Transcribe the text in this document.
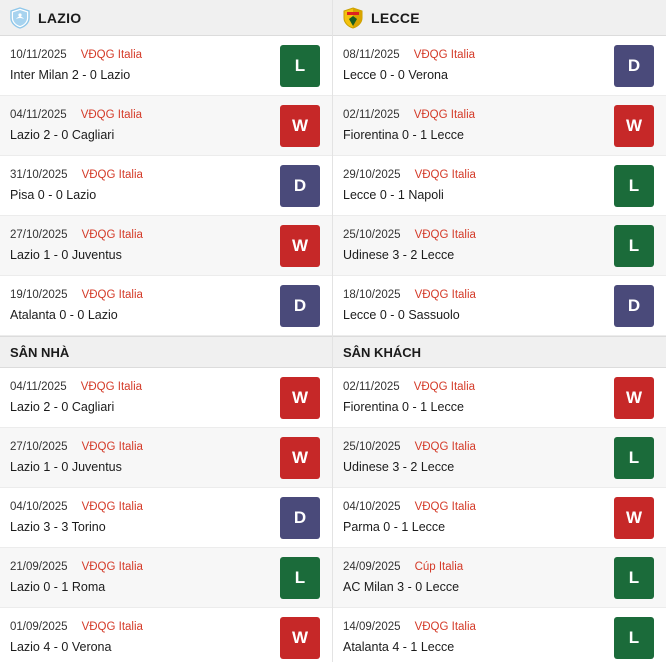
LAZIO
10/11/2025 VĐQG Italia
Inter Milan 2 - 0 Lazio
L
04/11/2025 VĐQG Italia
Lazio 2 - 0 Cagliari
W
31/10/2025 VĐQG Italia
Pisa 0 - 0 Lazio
D
27/10/2025 VĐQG Italia
Lazio 1 - 0 Juventus
W
19/10/2025 VĐQG Italia
Atalanta 0 - 0 Lazio
D
SÂN NHÀ
04/11/2025 VĐQG Italia
Lazio 2 - 0 Cagliari
W
27/10/2025 VĐQG Italia
Lazio 1 - 0 Juventus
W
04/10/2025 VĐQG Italia
Lazio 3 - 3 Torino
D
21/09/2025 VĐQG Italia
Lazio 0 - 1 Roma
L
01/09/2025 VĐQG Italia
Lazio 4 - 0 Verona
W
LECCE
08/11/2025 VĐQG Italia
Lecce 0 - 0 Verona
D
02/11/2025 VĐQG Italia
Fiorentina 0 - 1 Lecce
W
29/10/2025 VĐQG Italia
Lecce 0 - 1 Napoli
L
25/10/2025 VĐQG Italia
Udinese 3 - 2 Lecce
L
18/10/2025 VĐQG Italia
Lecce 0 - 0 Sassuolo
D
SÂN KHÁCH
02/11/2025 VĐQG Italia
Fiorentina 0 - 1 Lecce
W
25/10/2025 VĐQG Italia
Udinese 3 - 2 Lecce
L
04/10/2025 VĐQG Italia
Parma 0 - 1 Lecce
W
24/09/2025 Cúp Italia
AC Milan 3 - 0 Lecce
L
14/09/2025 VĐQG Italia
Atalanta 4 - 1 Lecce
L
